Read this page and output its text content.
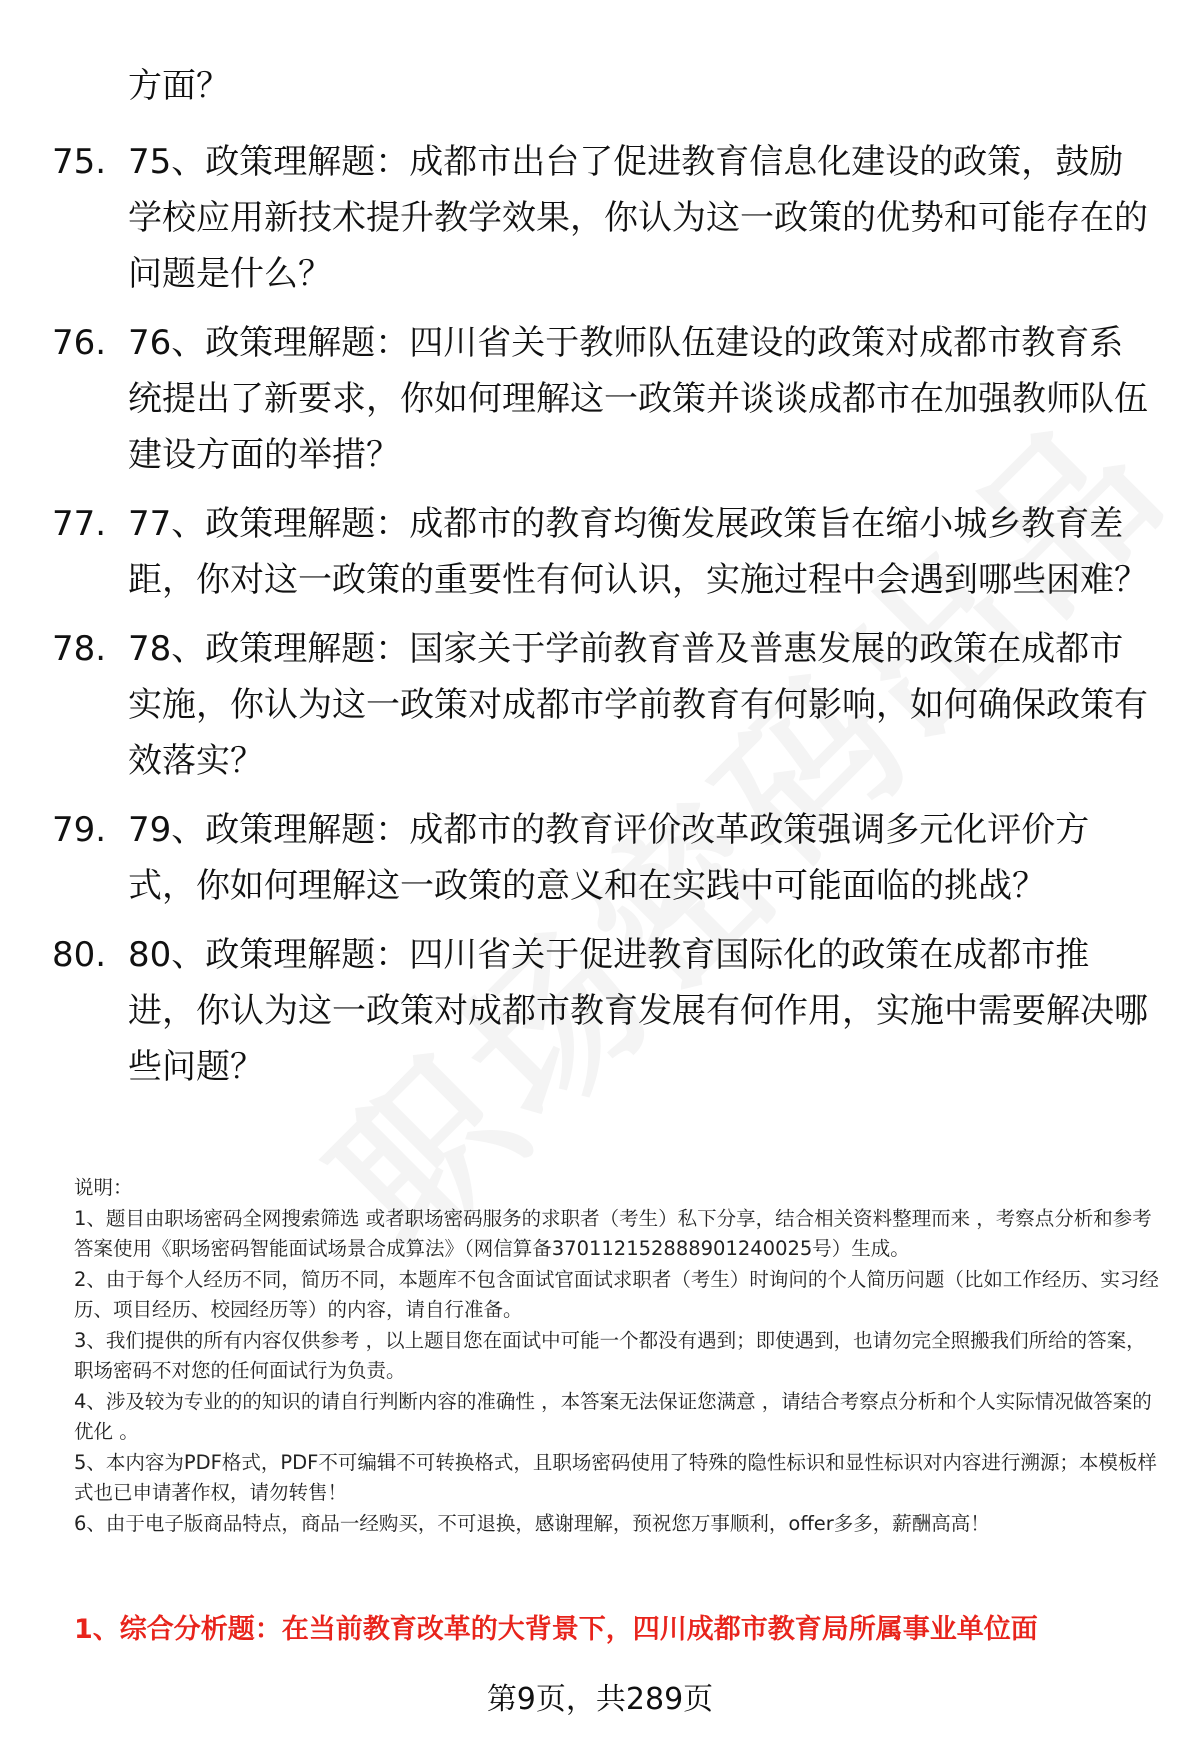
方面？
75. 75、政策理解题：成都市出台了促进教育信息化建设的政策，鼓励学校应用新技术提升教学效果，你认为这一政策的优势和可能存在的问题是什么？
76. 76、政策理解题：四川省关于教师队伍建设的政策对成都市教育系统提出了新要求，你如何理解这一政策并谈谈成都市在加强教师队伍建设方面的举措？
77. 77、政策理解题：成都市的教育均衡发展政策旨在缩小城乡教育差距，你对这一政策的重要性有何认识，实施过程中会遇到哪些困难？
78. 78、政策理解题：国家关于学前教育普及普惠发展的政策在成都市实施，你认为这一政策对成都市学前教育有何影响，如何确保政策有效落实？
79. 79、政策理解题：成都市的教育评价改革政策强调多元化评价方式，你如何理解这一政策的意义和在实践中可能面临的挑战？
80. 80、政策理解题：四川省关于促进教育国际化的政策在成都市推进，你认为这一政策对成都市教育发展有何作用，实施中需要解决哪些问题？

说明：

1、题目由职场密码全网搜索筛选 或者职场密码服务的求职者（考生）私下分享，结合相关资料整理而来 ，考察点分析和参考答案使用《职场密码智能面试场景合成算法》（网信算备370112152888901240025号）生成。

2、由于每个人经历不同，简历不同，本题库不包含面试官面试求职者（考生）时询问的个人简历问题（比如工作经历、实习经历、项目经历、校园经历等）的内容，请自行准备。

3、我们提供的所有内容仅供参考 ，以上题目您在面试中可能一个都没有遇到；即使遇到，也请勿完全照搬我们所给的答案，职场密码不对您的任何面试行为负责。

4、涉及较为专业的的知识的请自行判断内容的准确性 ，本答案无法保证您满意 ，请结合考察点分析和个人实际情况做答案的优化 。

5、本内容为PDF格式，PDF不可编辑不可转换格式，且职场密码使用了特殊的隐性标识和显性标识对内容进行溯源；本模板样式也已申请著作权，请勿转售！

6、由于电子版商品特点，商品一经购买，不可退换，感谢理解，预祝您万事顺利，offer多多，薪酬高高！

1、综合分析题：在当前教育改革的大背景下，四川成都市教育局所属事业单位面
第9页，共289页
